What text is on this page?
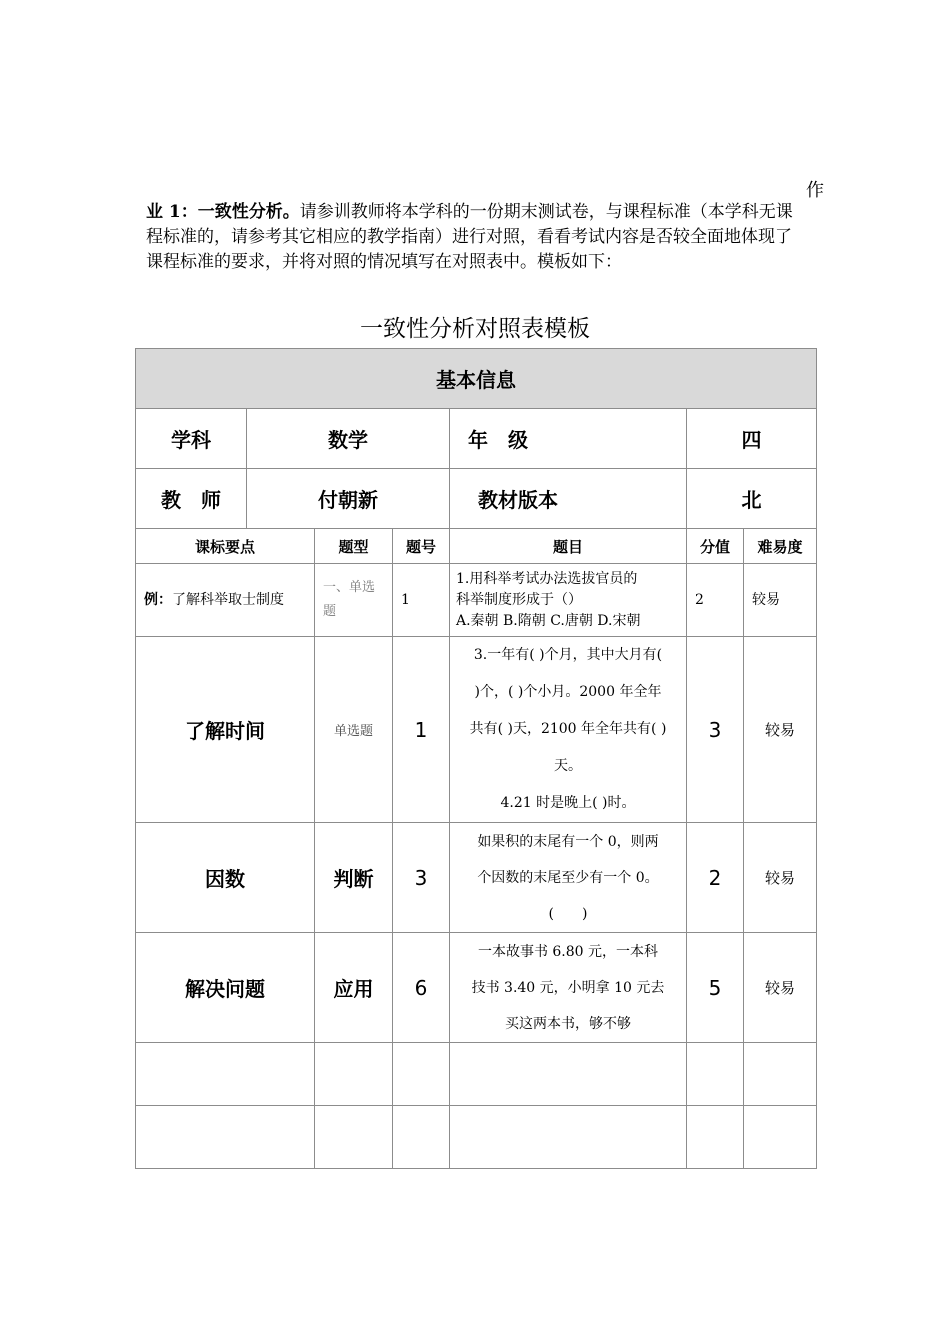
作
业 1：一致性分析。请参训教师将本学科的一份期末测试卷，与课程标准（本学科无课程标准的，请参考其它相应的教学指南）进行对照，看看考试内容是否较全面地体现了课程标准的要求，并将对照的情况填写在对照表中。模板如下：
一致性分析对照表模板
基本信息						
学科	数学			年　级	四	
教　师	付朝新			教材版本	北	
课标要点		题型	题号	题目	分值	难易度
例：了解科举取士制度		一、单选题	1	1.用科举考试办法选拔官员的
科举制度形成于（）
A.秦朝 B.隋朝 C.唐朝 D.宋朝	2	较易
了解时间		单选题	1	3.一年有( )个月，其中大月有(
)个，( )个小月。2000 年全年
共有( )天，2100 年全年共有( )
天。
4.21 时是晚上( )时。	3	较易
因数		判断	3	如果积的末尾有一个 0，则两
个因数的末尾至少有一个 0。
(　　)	2	较易
解决问题		应用	6	一本故事书 6.80 元，一本科
技书 3.40 元，小明拿 10 元去
买这两本书，够不够	5	较易
